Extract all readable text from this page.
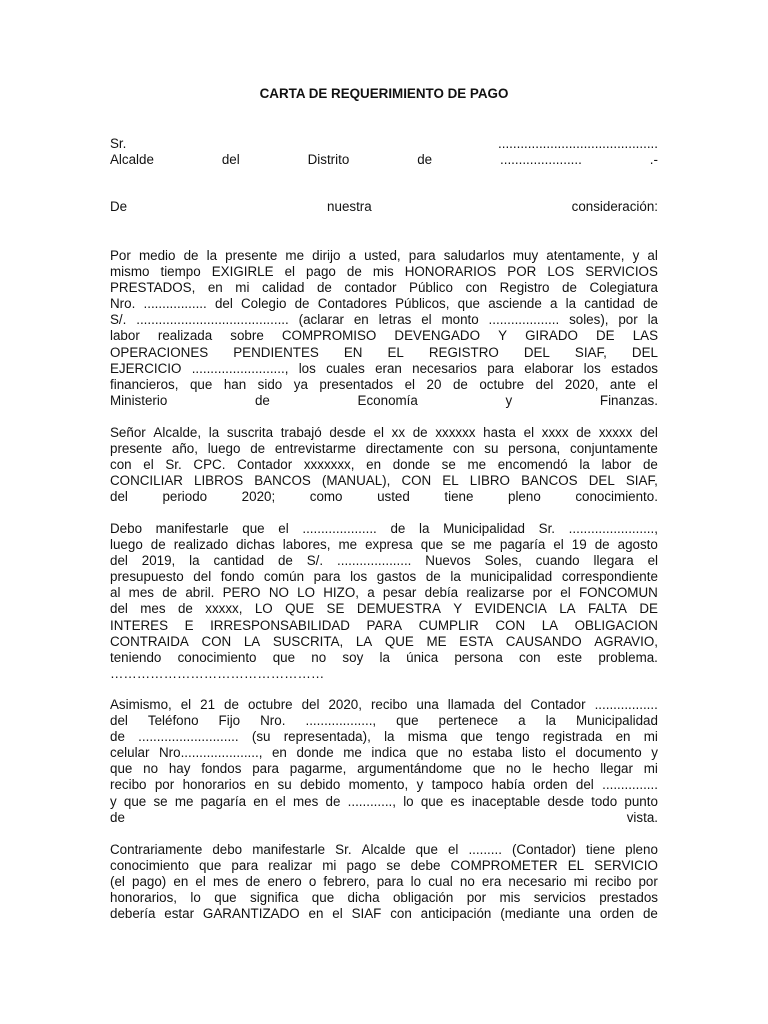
CARTA DE REQUERIMIENTO DE PAGO
Sr.	...........................................
Alcalde	del	Distrito	de	......................	.-
De	nuestra	consideración:
Por medio de la presente me dirijo a usted, para saludarlos muy atentamente, y al
mismo tiempo EXIGIRLE el pago de mis HONORARIOS POR LOS SERVICIOS
PRESTADOS, en mi calidad de contador Público con Registro de Colegiatura
Nro. ................. del Colegio de Contadores Públicos, que asciende a la cantidad de
S/. ......................................... (aclarar en letras el monto ................... soles), por la
labor realizada sobre COMPROMISO DEVENGADO Y GIRADO DE LAS
OPERACIONES PENDIENTES EN EL REGISTRO DEL SIAF, DEL
EJERCICIO ........................., los cuales eran necesarios para elaborar los estados
financieros, que han sido ya presentados el 20 de octubre del 2020, ante el
Ministerio	de	Economía	y	Finanzas.
Señor Alcalde, la suscrita trabajó desde el xx de xxxxxx hasta el xxxx de xxxxx del
presente año, luego de entrevistarme directamente con su persona, conjuntamente
con el Sr. CPC. Contador xxxxxxx, en donde se me encomendó la labor de
CONCILIAR LIBROS BANCOS (MANUAL), CON EL LIBRO BANCOS DEL SIAF,
del	periodo	2020;	como	usted	tiene	pleno	conocimiento.
Debo manifestarle que el .................... de la Municipalidad Sr. .......................,
luego de realizado dichas labores, me expresa que se me pagaría el 19 de agosto
del 2019, la cantidad de S/. .................... Nuevos Soles, cuando llegara el
presupuesto del fondo común para los gastos de la municipalidad correspondiente
al mes de abril. PERO NO LO HIZO, a pesar debía realizarse por el FONCOMUN
del mes de xxxxx, LO QUE SE DEMUESTRA Y EVIDENCIA LA FALTA DE
INTERES E IRRESPONSABILIDAD PARA CUMPLIR CON LA OBLIGACION
CONTRAIDA CON LA SUSCRITA, LA QUE ME ESTA CAUSANDO AGRAVIO,
teniendo conocimiento que no soy la única persona con este problema.
…………………………………………
Asimismo, el 21 de octubre del 2020, recibo una llamada del Contador .................
del Teléfono Fijo Nro. .................., que pertenece a la Municipalidad
de ........................... (su representada), la misma que tengo registrada en mi
celular Nro....................., en donde me indica que no estaba listo el documento y
que no hay fondos para pagarme, argumentándome que no le hecho llegar mi
recibo por honorarios en su debido momento, y tampoco había orden del ...............
y que se me pagaría en el mes de ............, lo que es inaceptable desde todo punto
de	vista.
Contrariamente debo manifestarle Sr. Alcalde que el ......... (Contador) tiene pleno
conocimiento que para realizar mi pago se debe COMPROMETER EL SERVICIO
(el pago) en el mes de enero o febrero, para lo cual no era necesario mi recibo por
honorarios, lo que significa que dicha obligación por mis servicios prestados
debería estar GARANTIZADO en el SIAF con anticipación (mediante una orden de
